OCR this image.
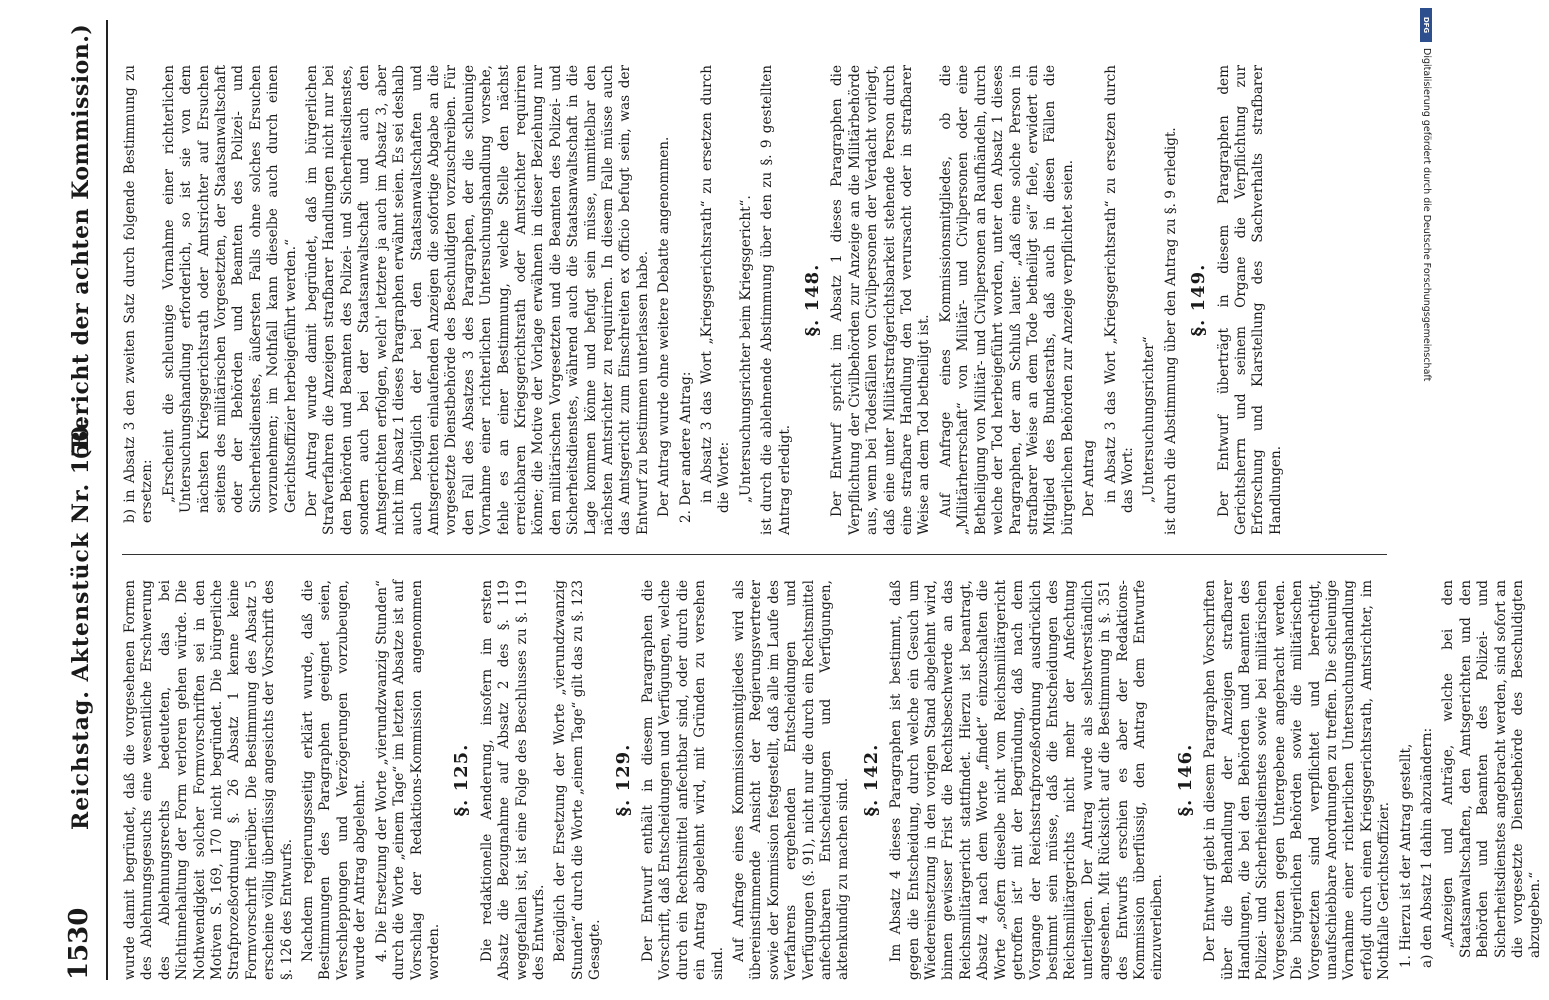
1530
Reichstag. Aktenstück Nr. 150.
(Bericht der achten Kommission.)

wurde damit begründet, daß die vorgesehenen Formen des Ablehnungsgesuchs eine wesentliche Erschwerung des Ablehnungsrechts bedeuteten, das bei Nichtinnehaltung der Form verloren gehen würde. Die Nothwendigkeit solcher Formvorschriften sei in den Motiven S. 169, 170 nicht begründet. Die bürgerliche Strafprozeßordnung §. 26 Absatz 1 kenne keine Formvorschrift hierüber. Die Bestimmung des Absatz 5 erscheine völlig überflüssig angesichts der Vorschrift des §. 126 des Entwurfs. Nachdem regierungsseitig erklärt wurde, daß die Bestimmungen des Paragraphen geeignet seien, Verschleppungen und Verzögerungen vorzubeugen, wurde der Antrag abgelehnt. 4. Die Ersetzung der Worte „vierundzwanzig Stunden“ durch die Worte „einem Tage“ im letzten Absatze ist auf Vorschlag der Redaktions-Kommission angenommen worden.

§. 125. Die redaktionelle Aenderung, insofern im ersten Absatz die Bezugnahme auf Absatz 2 des §. 119 weggefallen ist, ist eine Folge des Beschlusses zu §. 119 des Entwurfs. Bezüglich der Ersetzung der Worte „vierundzwanzig Stunden“ durch die Worte „einem Tage“ gilt das zu §. 123 Gesagte.

§. 129. Der Entwurf enthält in diesem Paragraphen die Vorschrift, daß Entscheidungen und Verfügungen, welche durch ein Rechtsmittel anfechtbar sind, oder durch die ein Antrag abgelehnt wird, mit Gründen zu versehen sind.

Auf Anfrage eines Kommissionsmitgliedes wird als übereinstimmende Ansicht der Regierungsvertreter sowie der Kommission festgestellt, daß alle im Laufe des Verfahrens ergehenden Entscheidungen und Verfügungen (§. 91), nicht nur die durch ein Rechtsmittel anfechtbaren Entscheidungen und Verfügungen, aktenkundig zu machen sind. §. 142. Im Absatz 4 dieses Paragraphen ist bestimmt, daß gegen die Entscheidung, durch welche ein Gesuch um Wiedereinsetzung in den vorigen Stand abgelehnt wird, binnen gewisser Frist die Rechtsbeschwerde an das Reichsmilitärgericht stattfindet. Hierzu ist beantragt, Absatz 4 nach dem Worte „findet“ einzuschalten die Worte „sofern dieselbe nicht vom Reichsmilitärgericht getroffen ist“ mit der Begründung, daß nach dem Vorgange der Reichsstrafprozeßordnung ausdrücklich bestimmt sein müsse, daß die Entscheidungen des Reichsmilitärgerichts nicht mehr der Anfechtung unterliegen. Der Antrag wurde als selbstverständlich angesehen. Mit Rücksicht auf die Bestimmung in §. 351 des Entwurfs erschien es aber der Redaktions-Kommission überflüssig, den Antrag dem Entwurfe einzuverleiben.

§. 146. Der Entwurf giebt in diesem Paragraphen Vorschriften über die Behandlung der Anzeigen strafbarer Handlungen, die bei den Behörden und Beamten des Polizei- und Sicherheitsdienstes sowie bei militärischen Vorgesetzten gegen Untergebene angebracht werden. Die bürgerlichen Behörden sowie die militärischen Vorgesetzten sind verpflichtet und berechtigt, unaufschiebbare Anordnungen zu treffen. Die schleunige Vornahme einer richterlichen Untersuchungshandlung erfolgt durch einen Kriegsgerichtsrath, Amtsrichter, im Nothfalle Gerichtsoffizier. 1. Hierzu ist der Antrag gestellt, a) den Absatz 1 dahin abzuändern: „Anzeigen und Anträge, welche bei den Staatsanwaltschaften, den Amtsgerichten und den Behörden und Beamten des Polizei- und Sicherheitsdienstes angebracht werden, sind sofort an die vorgesetzte Dienstbehörde des Beschuldigten abzugeben.“

b) in Absatz 3 den zweiten Satz durch folgende Bestimmung zu ersetzen: „Erscheint die schleunige Vornahme einer richterlichen Untersuchungshandlung erforderlich, so ist sie von dem nächsten Kriegsgerichtsrath oder Amtsrichter auf Ersuchen seitens des militärischen Vorgesetzten, der Staatsanwaltschaft oder der Behörden und Beamten des Polizei- und Sicherheitsdienstes, äußersten Falls ohne solches Ersuchen vorzunehmen; im Nothfall kann dieselbe auch durch einen Gerichtsoffizier herbeigeführt werden.“ Der Antrag wurde damit begründet, daß im bürgerlichen Strafverfahren die Anzeigen strafbarer Handlungen nicht nur bei den Behörden und Beamten des Polizei- und Sicherheitsdienstes, sondern auch bei der Staatsanwaltschaft und auch den Amtsgerichten erfolgen, welch' letztere ja auch im Absatz 3, aber nicht im Absatz 1 dieses Paragraphen erwähnt seien. Es sei deshalb auch bezüglich der bei den Staatsanwaltschaften und Amtsgerichten einlaufenden Anzeigen die sofortige Abgabe an die vorgesetzte Dienstbehörde des Beschuldigten vorzuschreiben. Für den Fall des Absatzes 3 des Paragraphen, der die schleunige Vornahme einer richterlichen Untersuchungshandlung vorsehe, fehle es an einer Bestimmung, welche Stelle den nächst erreichbaren Kriegsgerichtsrath oder Amtsrichter requiriren könne; die Motive der Vorlage erwähnen in dieser Beziehung nur den militärischen Vorgesetzten und die Beamten des Polizei- und Sicherheitsdienstes, während auch die Staatsanwaltschaft in die Lage kommen könne und befugt sein müsse, unmittelbar den nächsten Amtsrichter zu requiriren. In diesem Falle müsse auch das Amtsgericht zum Einschreiten ex officio befugt sein, was der Entwurf zu bestimmen unterlassen habe. Der Antrag wurde ohne weitere Debatte angenommen. 2. Der andere Antrag: in Absatz 3 das Wort „Kriegsgerichtsrath“ zu ersetzen durch die Worte: „Untersuchungsrichter beim Kriegsgericht“. ist durch die ablehnende Abstimmung über den zu §. 9 gestellten Antrag erledigt.

§. 148. Der Entwurf spricht im Absatz 1 dieses Paragraphen die Verpflichtung der Civilbehörden zur Anzeige an die Militärbehörde aus, wenn bei Todesfällen von Civilpersonen der Verdacht vorliegt, daß eine unter Militärstrafgerichtsbarkeit stehende Person durch eine strafbare Handlung den Tod verursacht oder in strafbarer Weise an dem Tod betheiligt ist. Auf Anfrage eines Kommissionsmitgliedes, ob die „Militärherrschaft“ von Militär- und Civilpersonen oder eine Betheiligung von Militär- und Civilpersonen an Raufhändeln, durch welche der Tod herbeigeführt worden, unter den Absatz 1 dieses Paragraphen, der am Schluß laute: „daß eine solche Person in strafbarer Weise an dem Tode betheiligt sei“ fiele, erwidert ein Mitglied des Bundesraths, daß auch in diesen Fällen die bürgerlichen Behörden zur Anzeige verpflichtet seien. Der Antrag in Absatz 3 das Wort „Kriegsgerichtsrath“ zu ersetzen durch das Wort: „Untersuchungsrichter“ ist durch die Abstimmung über den Antrag zu §. 9 erledigt. §. 149. Der Entwurf überträgt in diesem Paragraphen dem Gerichtsherrn und seinem Organe die Verpflichtung zur Erforschung und Klarstellung des Sachverhalts strafbarer Handlungen.

DFG
Digitalisierung gefördert durch die Deutsche Forschungsgemeinschaft
